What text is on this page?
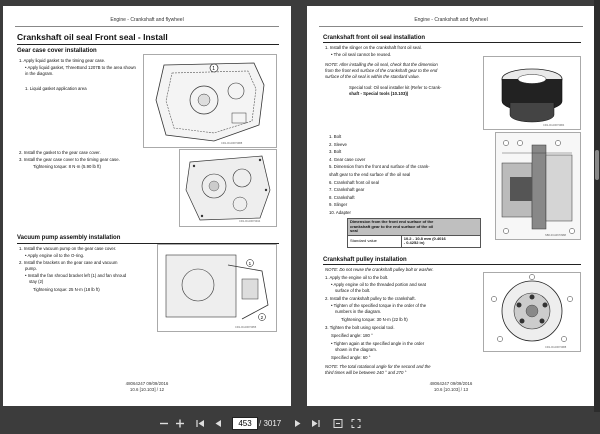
Engine - Crankshaft and flywheel

Crankshaft oil seal Front seal - Install

Gear case cover installation

1. Apply liquid gasket to the timing gear case.

• Apply liquid gasket, ThreeBond 1207B to the area shown in the diagram.

1. Liquid gasket application area

1
CR1-0CA0673988

2. Install the gasket to the gear case cover.

3. Install the gear case cover to the timing gear case.

Tightening torque: 8 N·m (5.90 lb ft)

CR1-0CA0673944

Vacuum pump assembly installation

1. Install the vacuum pump on the gear case cover.

• Apply engine oil to the O-ring.

2. Install the brackets on the gear case and vacuum

pump.

• Install the fan shroud bracket left (1) and fan shroud

stay (2)

Tightening torque: 25 N·m (18 lb ft)

1
2
CR1-0CA0673955
48064247 09/09/2016
10.6 [10.103] / 12
Engine - Crankshaft and flywheel

Crankshaft front oil seal installation

1. Install the slinger on the crankshaft front oil seal.

• The oil seal cannot be reused.

NOTE: After installing the oil seal, check that the dimension

from the front end surface of the crankshaft gear to the end

surface of the oil seal is within the standard value.

Special tool: Oil seal installer kit (Refer to Crank-

shaft - Special tools (10.103))

CR1-0CA0673984

1. Bolt

2. Sleeve

3. Bolt

4. Gear case cover

5. Dimension from the front and surface of the crank-

shaft gear to the end surface of the oil seal

6. Crankshaft front oil seal

7. Crankshaft gear

8. Crankshaft

9. Slinger

10. Adapter

SB0-0CA0673988
Dimension from the front end surface of the
crankshaft gear to the end surface of the oil
seal
Standard value	10.2 - 10.8 mm (0.4016
- 0.4252 in)

Crankshaft pulley installation

NOTE: Do not reuse the crankshaft pulley bolt or washer.

1. Apply the engine oil to the bolt.

• Apply engine oil to the threaded portion and seat

surface of the bolt.

2. Install the crankshaft pulley to the crankshaft.

• Tighten of the specified torque in the order of the

numbers in the diagram.

Tightening torque: 30 N·m (22 lb ft)

3. Tighten the bolt using special tool.

Specified angle: 180 °

• Tighten again at the specified angle in the order

shown in the diagram.

Specified angle: 60 °

NOTE: The total rotational angle for the second and the

third times will be between 240 ° and 270 °

CR1-0CA0673988
48064247 09/09/2016
10.6 [10.103] / 13
453
/ 3017
